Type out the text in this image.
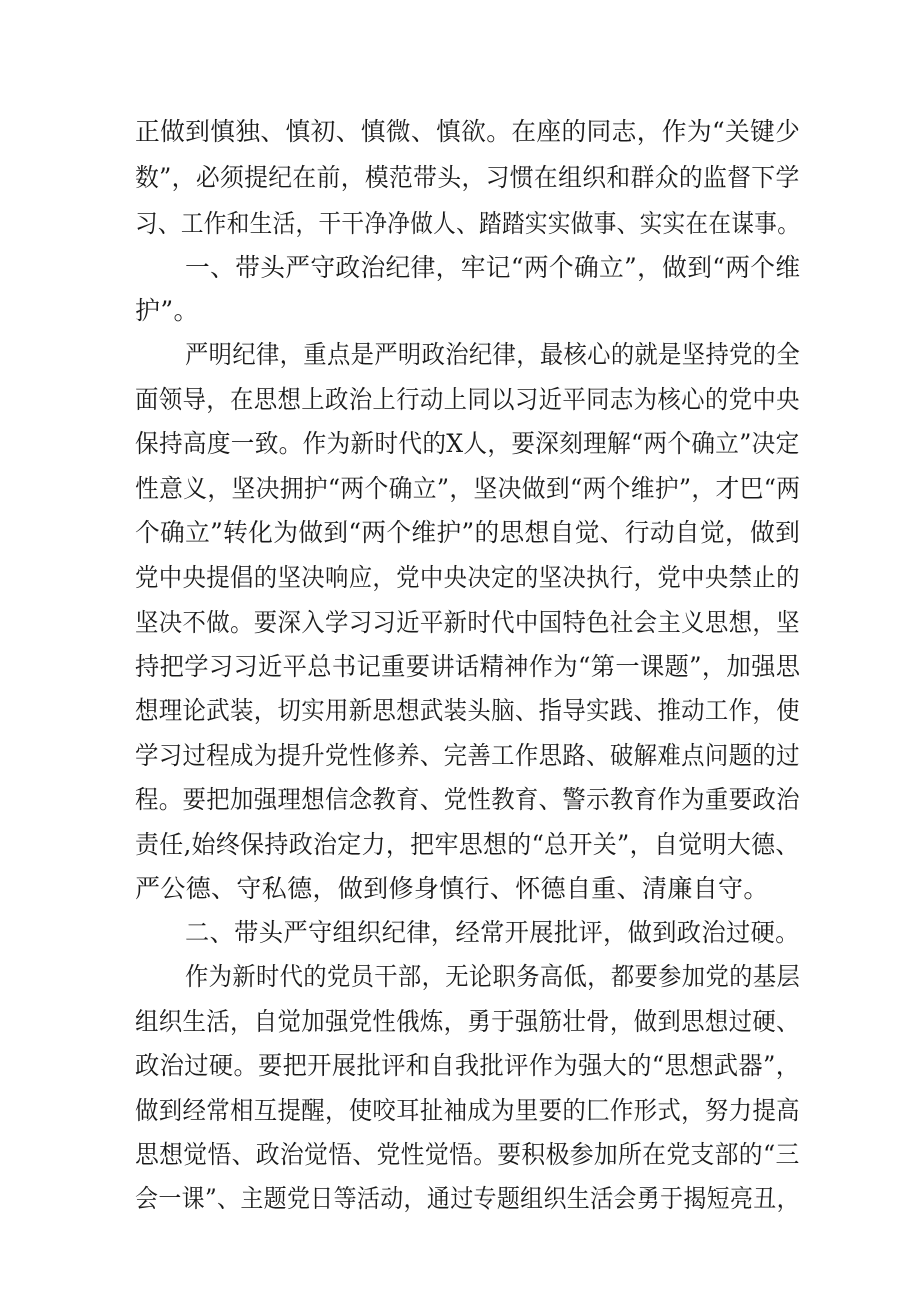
正做到慎独、慎初、慎微、慎欲。在座的同志，作为“关键少

数”，必须提纪在前，模范带头，习惯在组织和群众的监督下学

习、工作和生活，干干净净做人、踏踏实实做事、实实在在谋事。

一、带头严守政治纪律，牢记“两个确立”，做到“两个维

护”。

严明纪律，重点是严明政治纪律，最核心的就是坚持党的全

面领导，在思想上政治上行动上同以习近平同志为核心的党中央

保持高度一致。作为新时代的X人，要深刻理解“两个确立”决定

性意义，坚决拥护“两个确立”，坚决做到“两个维护”，才巴“两

个确立”转化为做到“两个维护”的思想自觉、行动自觉，做到

党中央提倡的坚决响应，党中央决定的坚决执行，党中央禁止的

坚决不做。要深入学习习近平新时代中国特色社会主义思想，坚

持把学习习近平总书记重要讲话精神作为“第一课题”，加强思

想理论武装，切实用新思想武装头脑、指导实践、推动工作，使

学习过程成为提升党性修养、完善工作思路、破解难点问题的过

程。要把加强理想信念教育、党性教育、警示教育作为重要政治

责任,始终保持政治定力，把牢思想的“总开关”，自觉明大德、

严公德、守私德，做到修身慎行、怀德自重、清廉自守。

二、带头严守组织纪律，经常开展批评，做到政治过硬。

作为新时代的党员干部，无论职务高低，都要参加党的基层

组织生活，自觉加强党性俄炼，勇于强筋壮骨，做到思想过硬、

政治过硬。要把开展批评和自我批评作为强大的“思想武器”，

做到经常相互提醒，使咬耳扯袖成为里要的匚作形式，努力提高

思想觉悟、政治觉悟、党性觉悟。要积极参加所在党支部的“三

会一课”、主题党日等活动，通过专题组织生活会勇于揭短亮丑，
